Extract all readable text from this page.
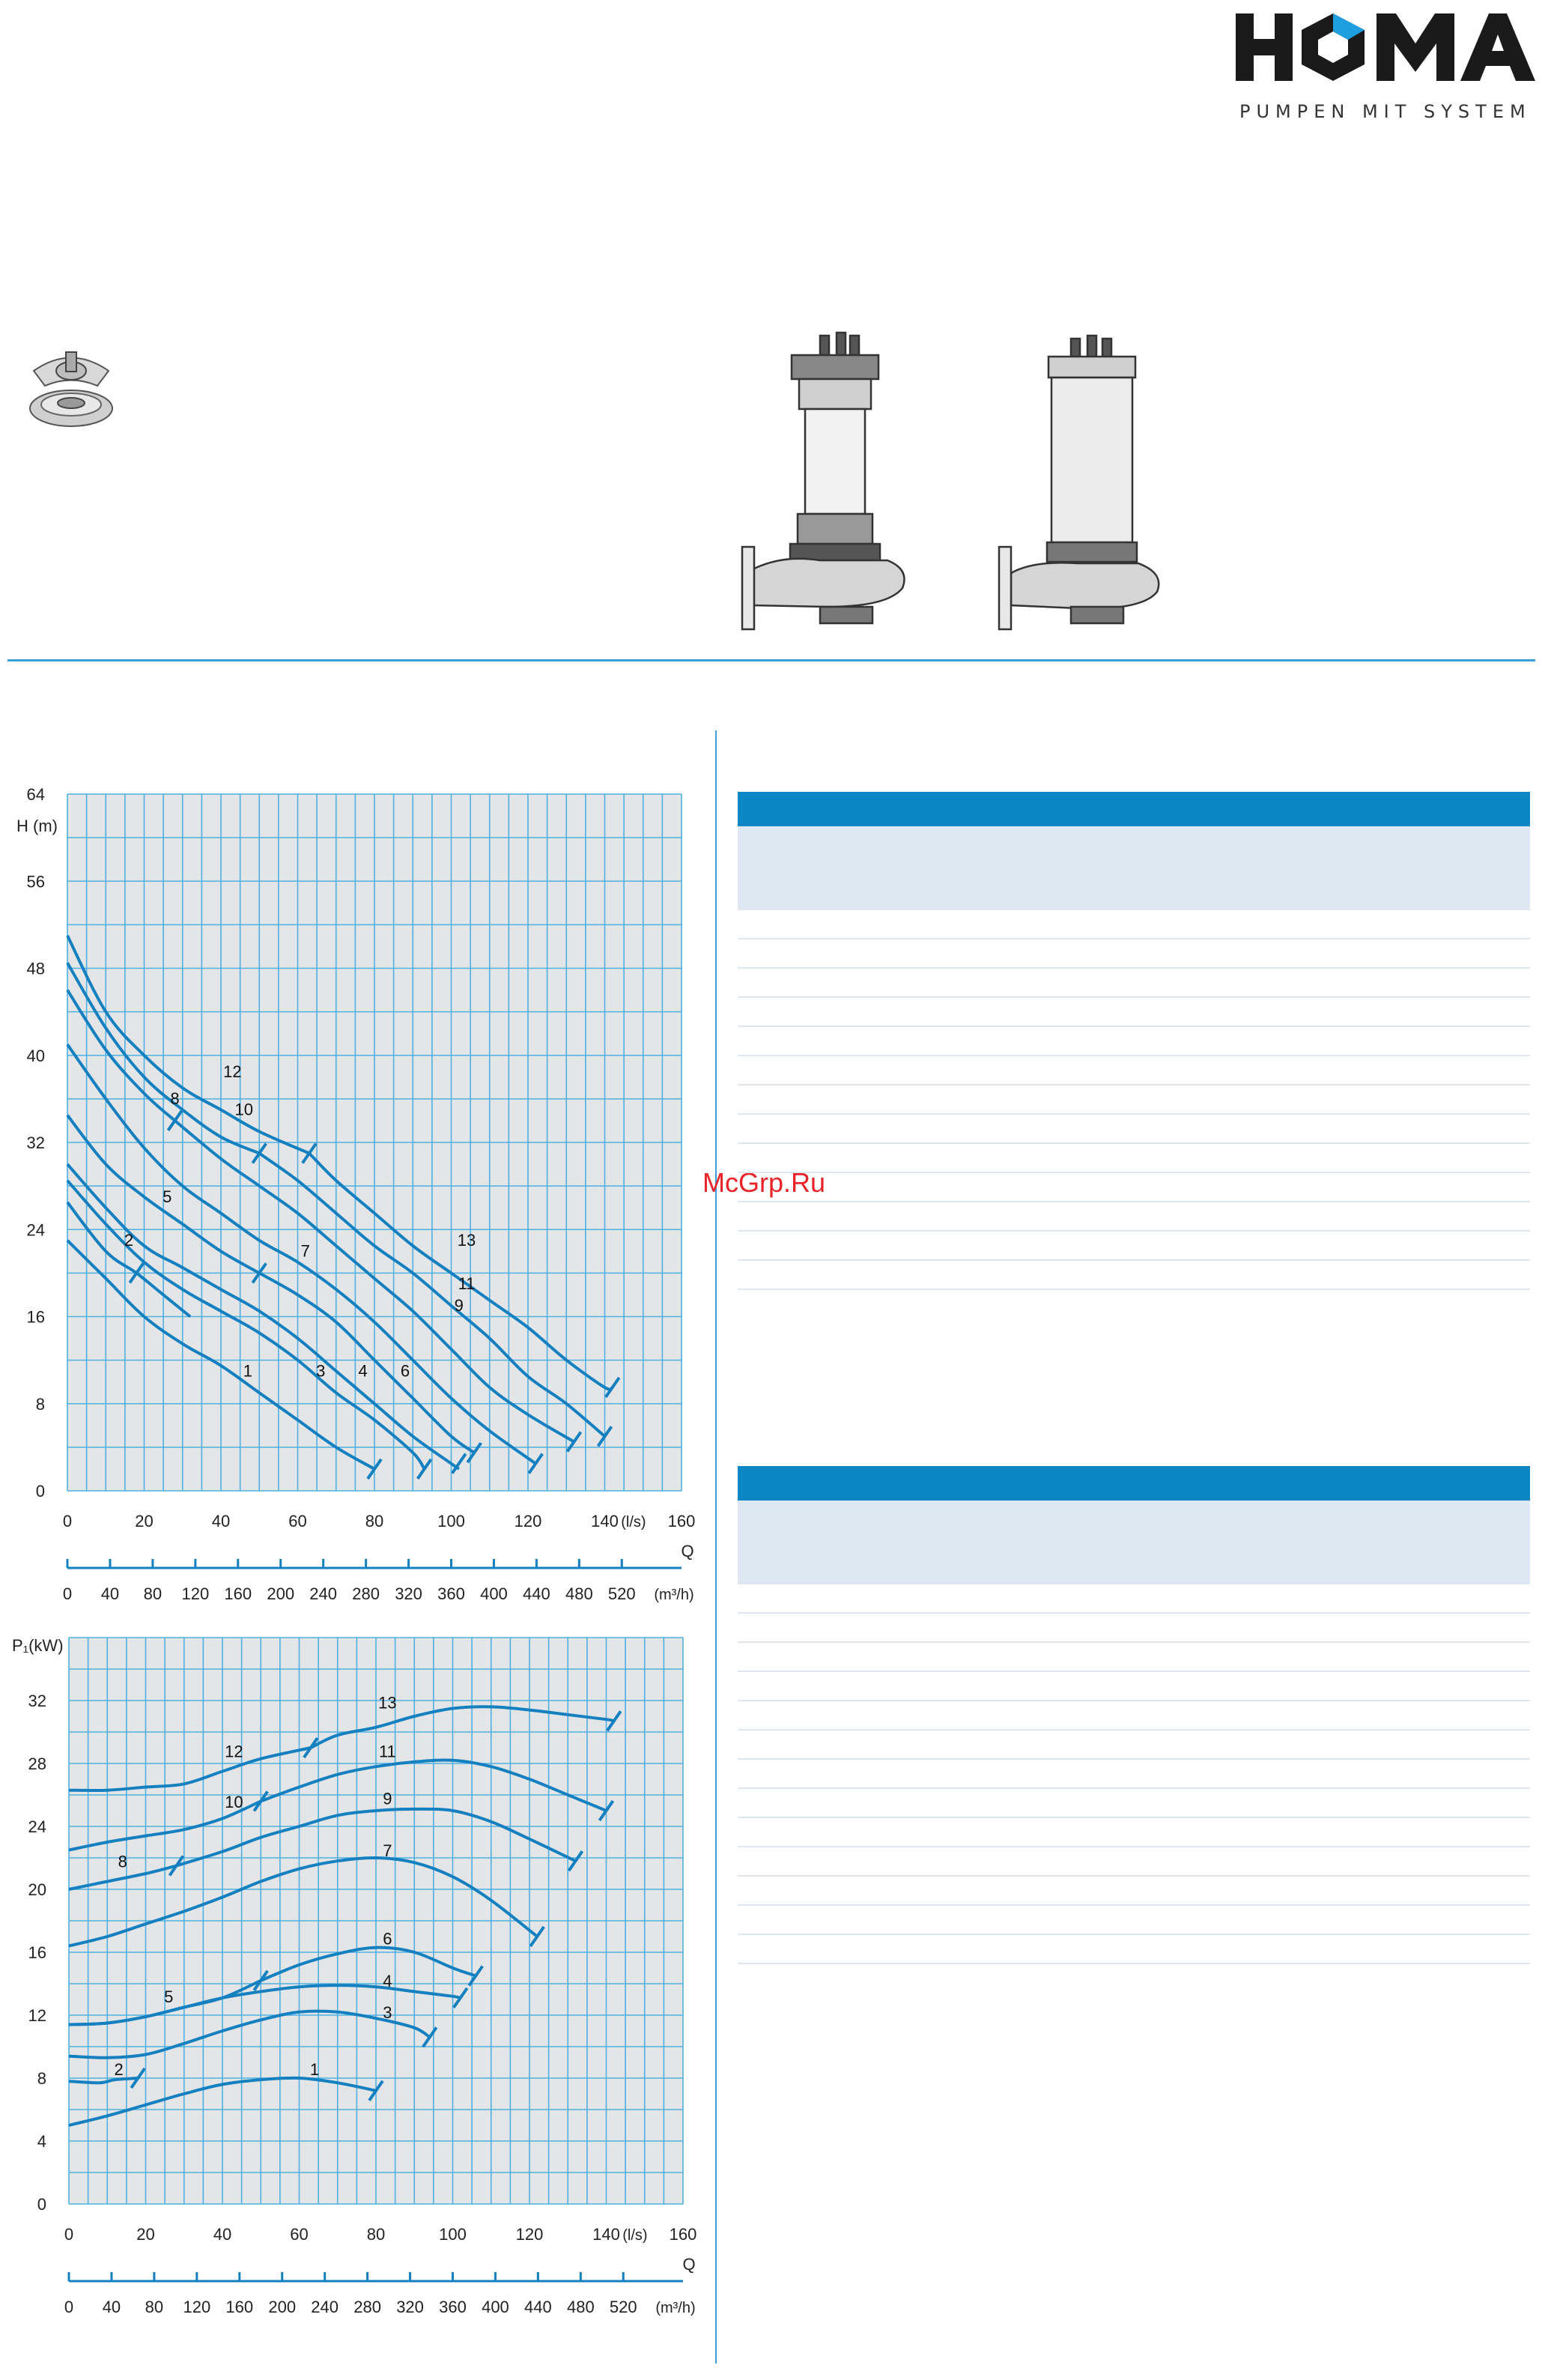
PUMPEN MIT SYSTEM
0
8
16
24
32
40
48
56
64
H (m)
0	20	40	60	80	100	120	140	160
(l/s)
Q
0 40 80 120 160 200 240 280 320 360 400 440 480 520 (m³/h)
1
2
3 4
5
6
7
8
9
10
11
12
13
0
4
8
12
16
20
24
28
32
P₁(kW)
0	20	40	60	80	100	120	140	160
(l/s)
Q
0 40 80 120 160 200 240 280 320 360 400 440 480 520 (m³/h)
1
2
3
4
5
6
7
8
9
10
11
12
13
McGrp.Ru
